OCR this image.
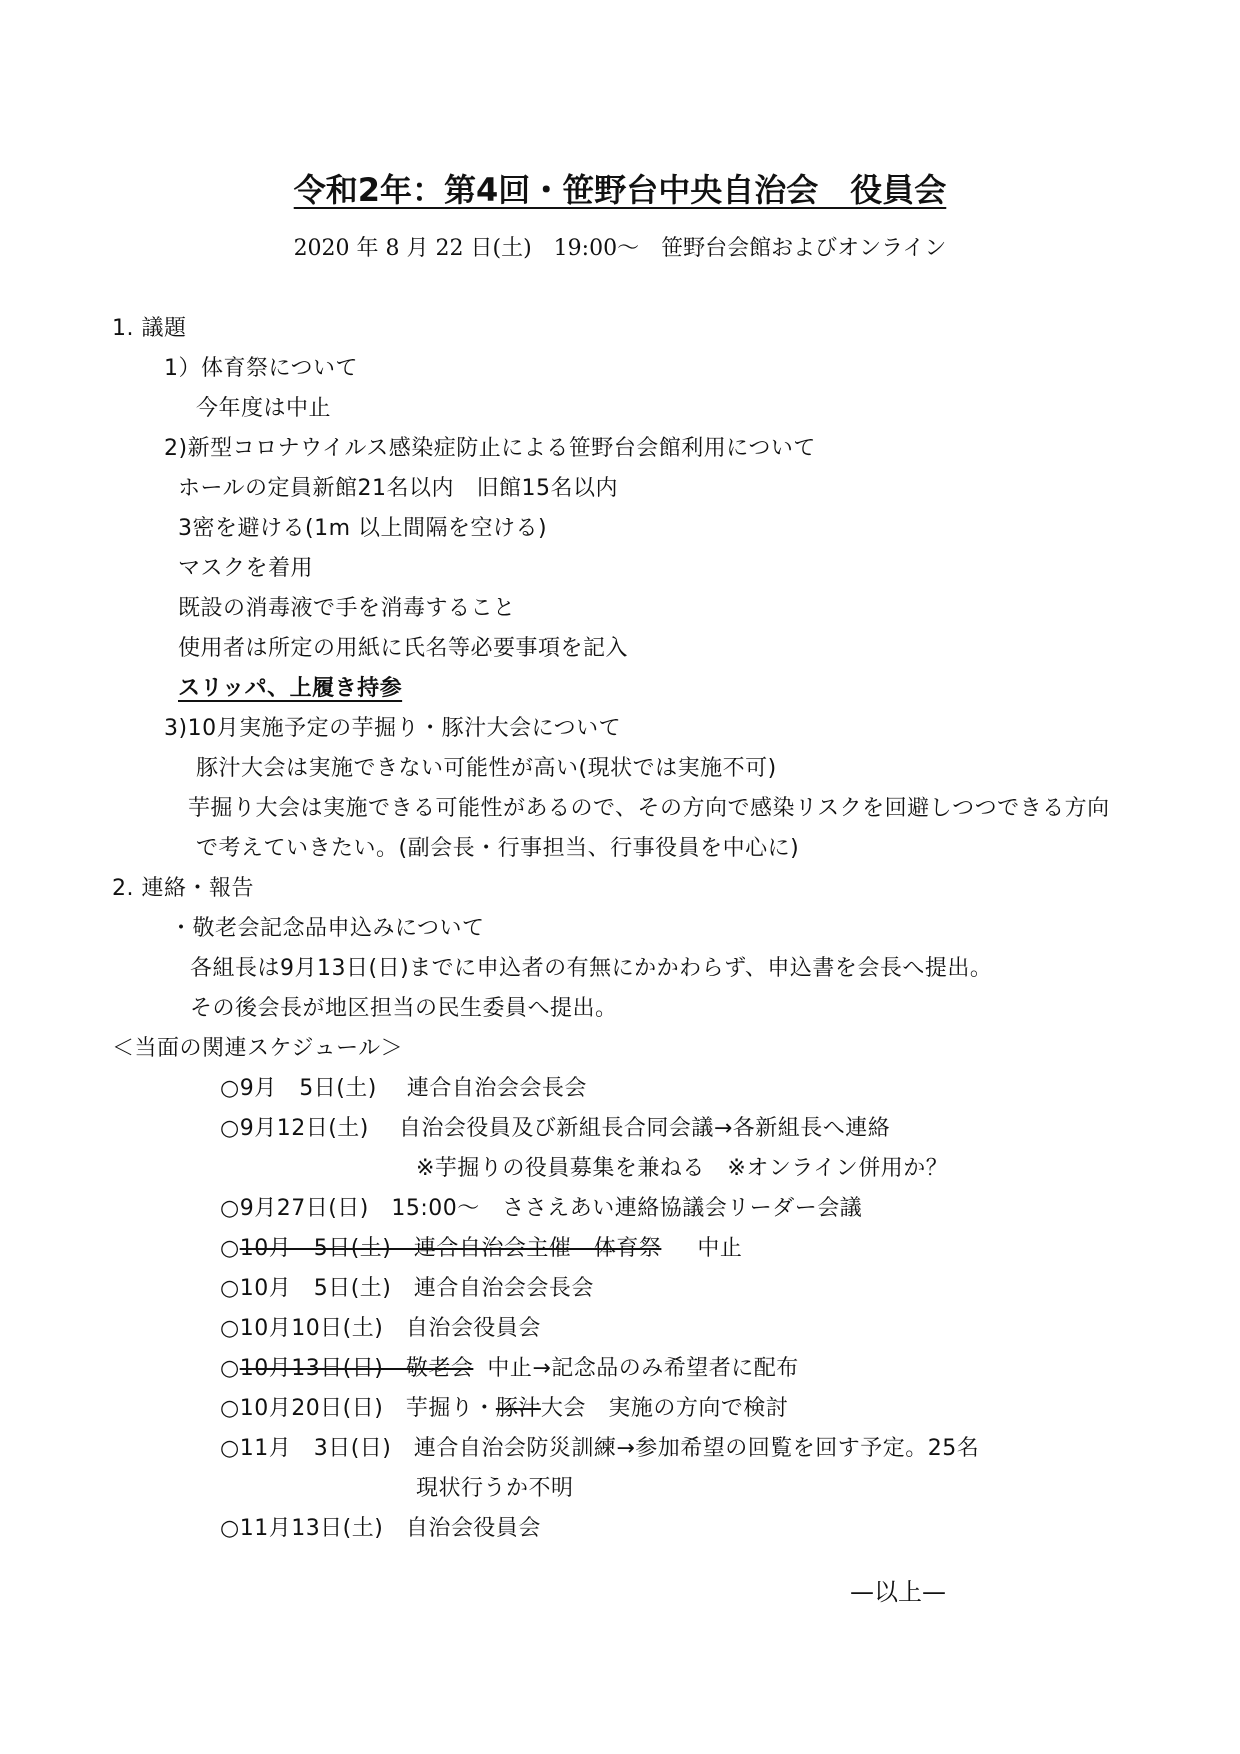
令和2年：第4回・笹野台中央自治会　役員会
2020 年 8 月 22 日(土)　19:00～　笹野台会館およびオンライン
1. 議題
1）体育祭について
今年度は中止
2)新型コロナウイルス感染症防止による笹野台会館利用について
ホールの定員新館21名以内　旧館15名以内
3密を避ける(1m 以上間隔を空ける)
マスクを着用
既設の消毒液で手を消毒すること
使用者は所定の用紙に氏名等必要事項を記入
スリッパ、上履き持参
3)10月実施予定の芋掘り・豚汁大会について
豚汁大会は実施できない可能性が高い(現状では実施不可)
芋掘り大会は実施できる可能性があるので、その方向で感染リスクを回避しつつできる方向
で考えていきたい。(副会長・行事担当、行事役員を中心に)
2. 連絡・報告
・敬老会記念品申込みについて
各組長は9月13日(日)までに申込者の有無にかかわらず、申込書を会長へ提出。
その後会長が地区担当の民生委員へ提出。
＜当面の関連スケジュール＞
○9月　5日(土)　 連合自治会会長会
○9月12日(土)　 自治会役員及び新組長合同会議→各新組長へ連絡
※芋掘りの役員募集を兼ねる　※オンライン併用か？
○9月27日(日)　15:00～　ささえあい連絡協議会リーダー会議
○10月　5日(土)　連合自治会主催　体育祭 中止
○10月　5日(土)　連合自治会会長会
○10月10日(土)　自治会役員会
○10月13日(日)　敬老会 中止→記念品のみ希望者に配布
○10月20日(日)　芋掘り・豚汁大会　実施の方向で検討
○11月　3日(日)　連合自治会防災訓練→参加希望の回覧を回す予定。25名
現状行うか不明
○11月13日(土)　自治会役員会
—以上—
